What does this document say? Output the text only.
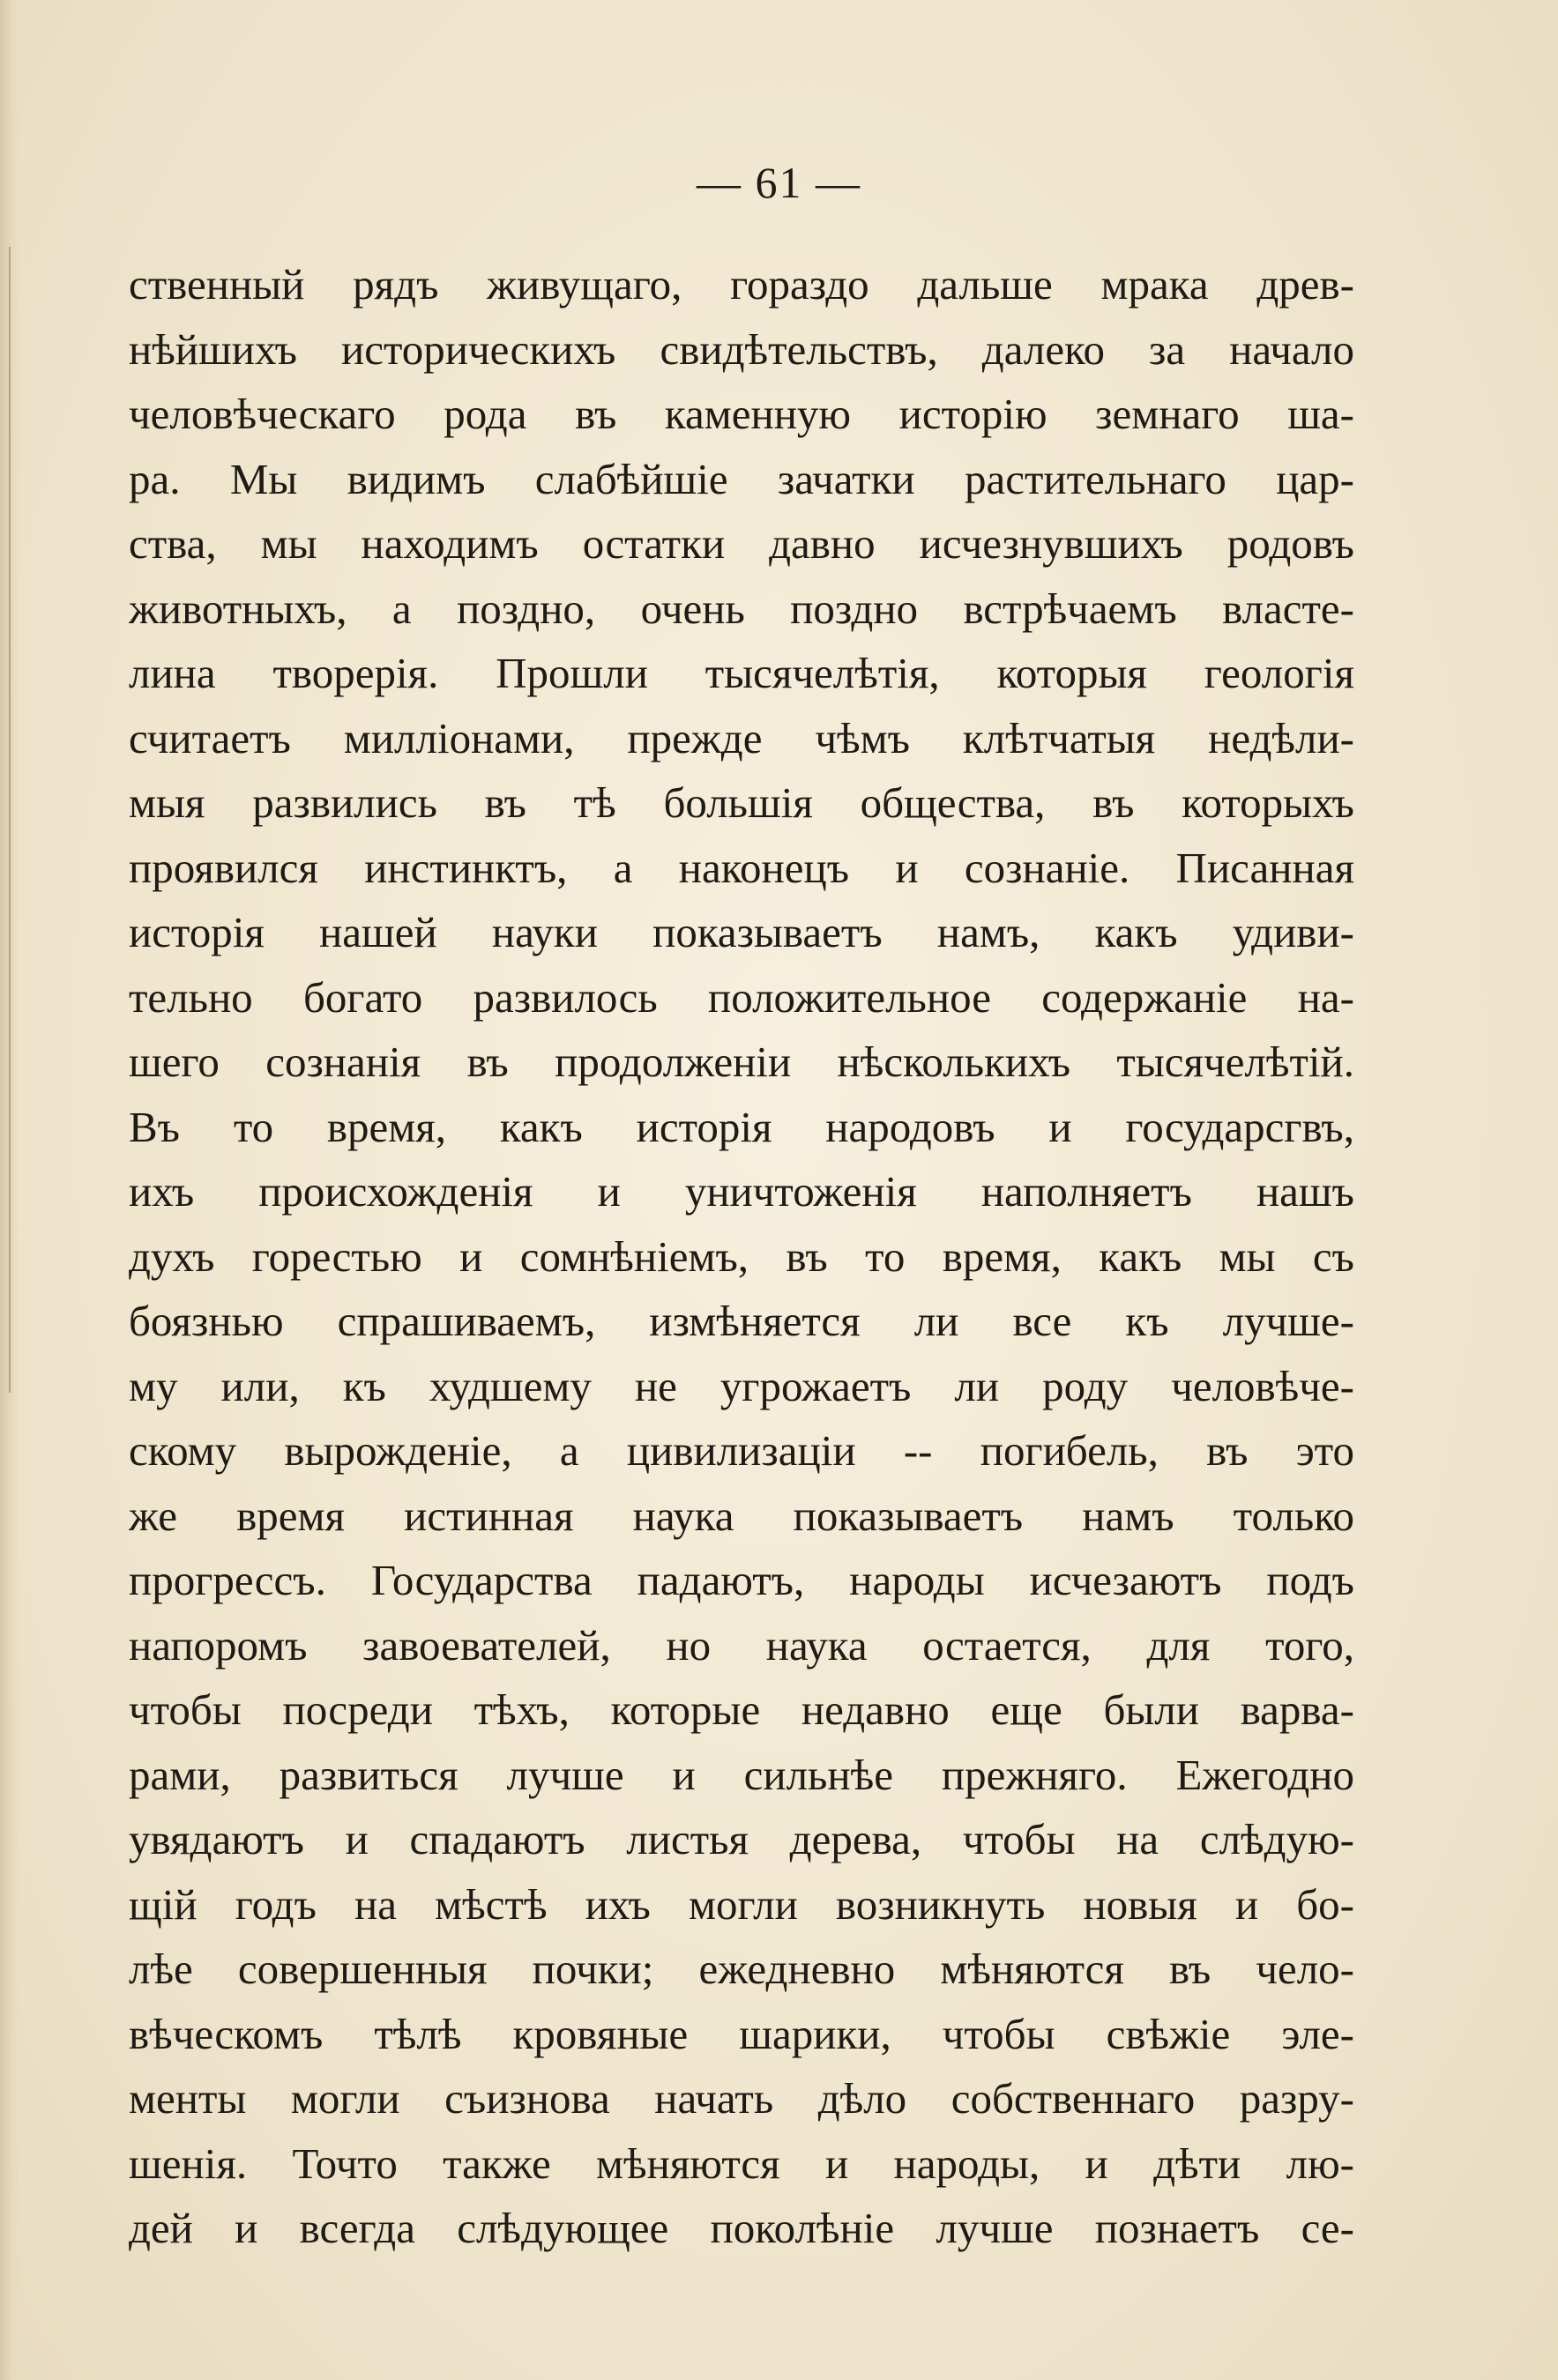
— 61 —
ственный рядъ живущаго, гораздо дальше мрака древ-
нѣйшихъ историческихъ свидѣтельствъ, далеко за начало
человѣческаго рода въ каменную исторію земнаго ша-
ра. Мы видимъ слабѣйшіе зачатки растительнаго цар-
ства, мы находимъ остатки давно исчезнувшихъ родовъ
животныхъ, а поздно, очень поздно встрѣчаемъ власте-
лина творерія. Прошли тысячелѣтія, которыя геологія
считаетъ милліонами, прежде чѣмъ клѣтчатыя недѣли-
мыя развились въ тѣ большія общества, въ которыхъ
проявился инстинктъ, а наконецъ и сознаніе. Писанная
исторія нашей науки показываетъ намъ, какъ удиви-
тельно богато развилось положительное содержаніе на-
шего сознанія въ продолженіи нѣсколькихъ тысячелѣтій.
Въ то время, какъ исторія народовъ и государсгвъ,
ихъ происхожденія и уничтоженія наполняетъ нашъ
духъ горестью и сомнѣніемъ, въ то время, какъ мы съ
боязнью спрашиваемъ, измѣняется ли все къ лучше-
му или, къ худшему не угрожаетъ ли роду человѣче-
скому вырожденіе, а цивилизаціи -- погибель, въ это
же время истинная наука показываетъ намъ только
прогрессъ. Государства падаютъ, народы исчезаютъ подъ
напоромъ завоевателей, но наука остается, для того,
чтобы посреди тѣхъ, которые недавно еще были варва-
рами, развиться лучше и сильнѣе прежняго. Ежегодно
увядаютъ и спадаютъ листья дерева, чтобы на слѣдую-
щій годъ на мѣстѣ ихъ могли возникнуть новыя и бо-
лѣе совершенныя почки; ежедневно мѣняются въ чело-
вѣческомъ тѣлѣ кровяные шарики, чтобы свѣжіе эле-
менты могли съизнова начать дѣло собственнаго разру-
шенія. Точто также мѣняются и народы, и дѣти лю-
дей и всегда слѣдующее поколѣніе лучше познаетъ се-
